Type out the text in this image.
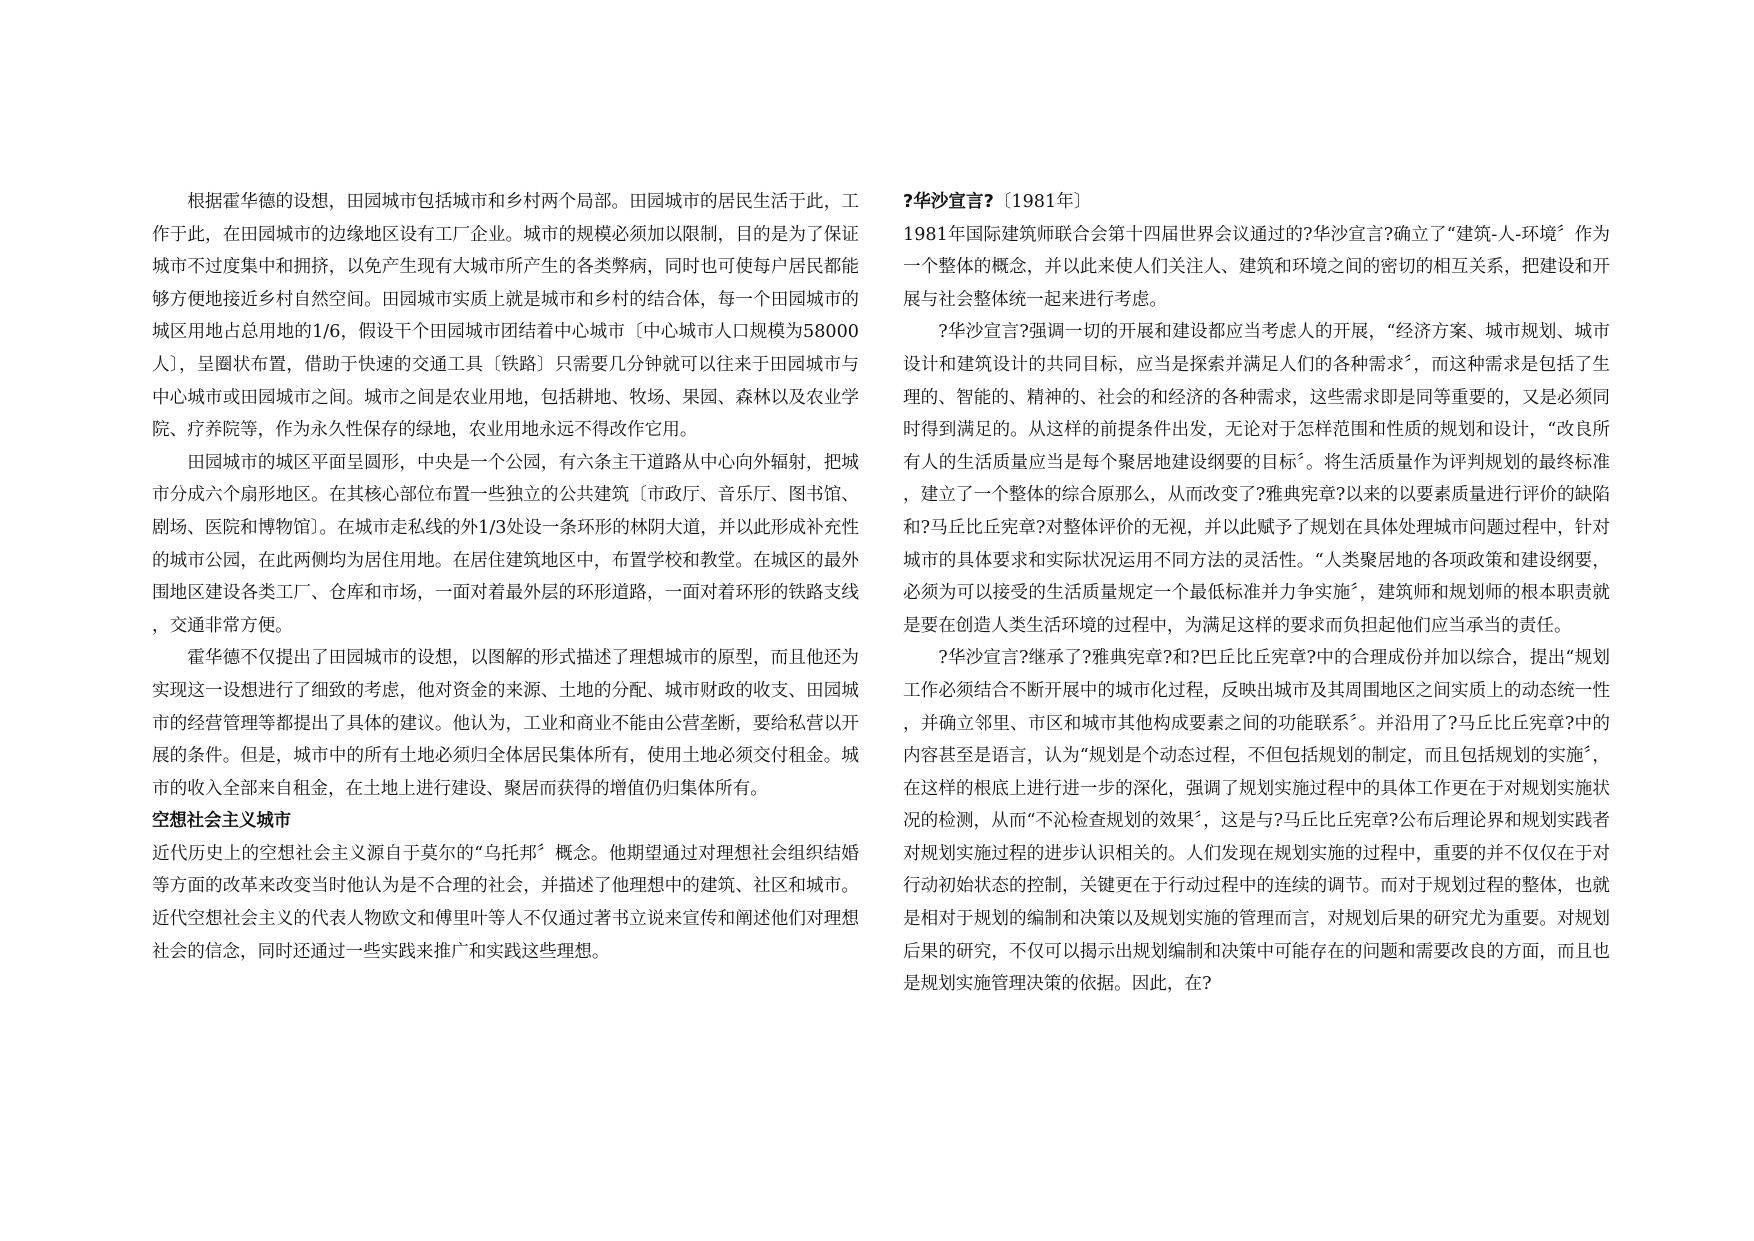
根据霍华德的设想，田园城市包括城市和乡村两个局部。田园城市的居民生活于此，工作于此，在田园城市的边缘地区设有工厂企业。城市的规模必须加以限制，目的是为了保证城市不过度集中和拥挤，以免产生现有大城市所产生的各类弊病，同时也可使每户居民都能够方便地接近乡村自然空间。田园城市实质上就是城市和乡村的结合体，每一个田园城市的城区用地占总用地的1/6，假设干个田园城市团结着中心城市〔中心城市人口规模为58000人〕，呈圈状布置，借助于快速的交通工具〔铁路〕只需要几分钟就可以往来于田园城市与中心城市或田园城市之间。城市之间是农业用地，包括耕地、牧场、果园、森林以及农业学院、疗养院等，作为永久性保存的绿地，农业用地永远不得改作它用。

田园城市的城区平面呈圆形，中央是一个公园，有六条主干道路从中心向外辐射，把城市分成六个扇形地区。在其核心部位布置一些独立的公共建筑〔市政厅、音乐厅、图书馆、剧场、医院和博物馆〕。在城市走私线的外1/3处设一条环形的林阴大道，并以此形成补充性的城市公园，在此两侧均为居住用地。在居住建筑地区中，布置学校和教堂。在城区的最外围地区建设各类工厂、仓库和市场，一面对着最外层的环形道路，一面对着环形的铁路支线，交通非常方便。

霍华德不仅提出了田园城市的设想，以图解的形式描述了理想城市的原型，而且他还为实现这一设想进行了细致的考虑，他对资金的来源、土地的分配、城市财政的收支、田园城市的经营管理等都提出了具体的建议。他认为，工业和商业不能由公营垄断，要给私营以开展的条件。但是，城市中的所有土地必须归全体居民集体所有，使用土地必须交付租金。城市的收入全部来自租金，在土地上进行建设、聚居而获得的增值仍归集体所有。

空想社会主义城市

近代历史上的空想社会主义源自于莫尔的“乌托邦〞概念。他期望通过对理想社会组织结婚等方面的改革来改变当时他认为是不合理的社会，并描述了他理想中的建筑、社区和城市。近代空想社会主义的代表人物欧文和傅里叶等人不仅通过著书立说来宣传和阐述他们对理想社会的信念，同时还通过一些实践来推广和实践这些理想。

?华沙宣言?〔1981年〕

1981年国际建筑师联合会第十四届世界会议通过的?华沙宣言?确立了“建筑-人-环境〞作为一个整体的概念，并以此来使人们关注人、建筑和环境之间的密切的相互关系，把建设和开展与社会整体统一起来进行考虑。

?华沙宣言?强调一切的开展和建设都应当考虑人的开展，“经济方案、城市规划、城市设计和建筑设计的共同目标，应当是探索并满足人们的各种需求〞，而这种需求是包括了生理的、智能的、精神的、社会的和经济的各种需求，这些需求即是同等重要的，又是必须同时得到满足的。从这样的前提条件出发，无论对于怎样范围和性质的规划和设计，“改良所有人的生活质量应当是每个聚居地建设纲要的目标〞。将生活质量作为评判规划的最终标准，建立了一个整体的综合原那么，从而改变了?雅典宪章?以来的以要素质量进行评价的缺陷和?马丘比丘宪章?对整体评价的无视，并以此赋予了规划在具体处理城市问题过程中，针对城市的具体要求和实际状况运用不同方法的灵活性。“人类聚居地的各项政策和建设纲要，必须为可以接受的生活质量规定一个最低标准并力争实施〞，建筑师和规划师的根本职责就是要在创造人类生活环境的过程中，为满足这样的要求而负担起他们应当承当的责任。

?华沙宣言?继承了?雅典宪章?和?巴丘比丘宪章?中的合理成份并加以综合，提出“规划工作必须结合不断开展中的城市化过程，反映出城市及其周围地区之间实质上的动态统一性，并确立邻里、市区和城市其他构成要素之间的功能联系〞。并沿用了?马丘比丘宪章?中的内容甚至是语言，认为“规划是个动态过程，不但包括规划的制定，而且包括规划的实施〞，在这样的根底上进行进一步的深化，强调了规划实施过程中的具体工作更在于对规划实施状况的检测，从而“不沁检查规划的效果〞，这是与?马丘比丘宪章?公布后理论界和规划实践者对规划实施过程的进步认识相关的。人们发现在规划实施的过程中，重要的并不仅仅在于对行动初始状态的控制，关键更在于行动过程中的连续的调节。而对于规划过程的整体，也就是相对于规划的编制和决策以及规划实施的管理而言，对规划后果的研究尤为重要。对规划后果的研究，不仅可以揭示出规划编制和决策中可能存在的问题和需要改良的方面，而且也是规划实施管理决策的依据。因此，在?
